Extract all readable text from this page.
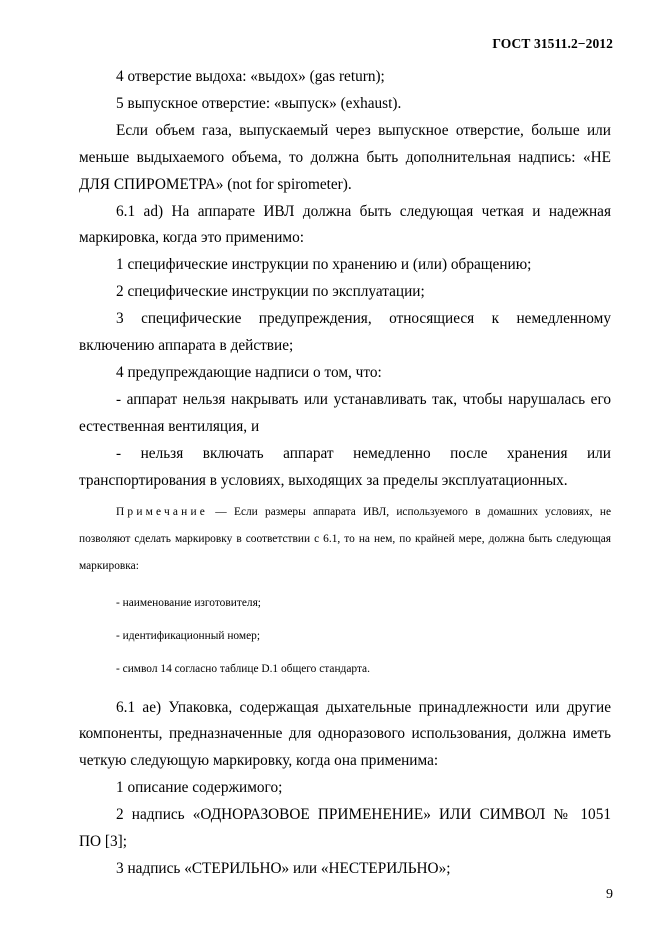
ГОСТ 31511.2−2012

4 отверстие выдоха: «выдох» (gas return);

5 выпускное отверстие: «выпуск» (exhaust).

Если объем газа, выпускаемый через выпускное отверстие, больше или меньше выдыхаемого объема, то должна быть дополнительная надпись: «НЕ ДЛЯ СПИРОМЕТРА» (not for spirometer).

6.1 ad) На аппарате ИВЛ должна быть следующая четкая и надежная маркировка, когда это применимо:

1 специфические инструкции по хранению и (или) обращению;

2 специфические инструкции по эксплуатации;

3 специфические предупреждения, относящиеся к немедленному

включению аппарата в действие;

4 предупреждающие надписи о том, что:

- аппарат нельзя накрывать или устанавливать так, чтобы нарушалась его естественная вентиляция, и

- нельзя включать аппарат немедленно после хранения или

транспортирования в условиях, выходящих за пределы эксплуатационных.

Примечание — Если размеры аппарата ИВЛ, используемого в домашних условиях, не позволяют сделать маркировку в соответствии с 6.1, то на нем, по крайней мере, должна быть следующая маркировка:

- наименование изготовителя;

- идентификационный номер;

- символ 14 согласно таблице D.1 общего стандарта.

6.1 ae) Упаковка, содержащая дыхательные принадлежности или другие компоненты, предназначенные для одноразового использования, должна иметь четкую следующую маркировку, когда она применима:

1 описание содержимого;

2 надпись «ОДНОРАЗОВОЕ ПРИМЕНЕНИЕ» ИЛИ СИМВОЛ № 1051

ПО [3];

3 надпись «СТЕРИЛЬНО» или «НЕСТЕРИЛЬНО»;

9
